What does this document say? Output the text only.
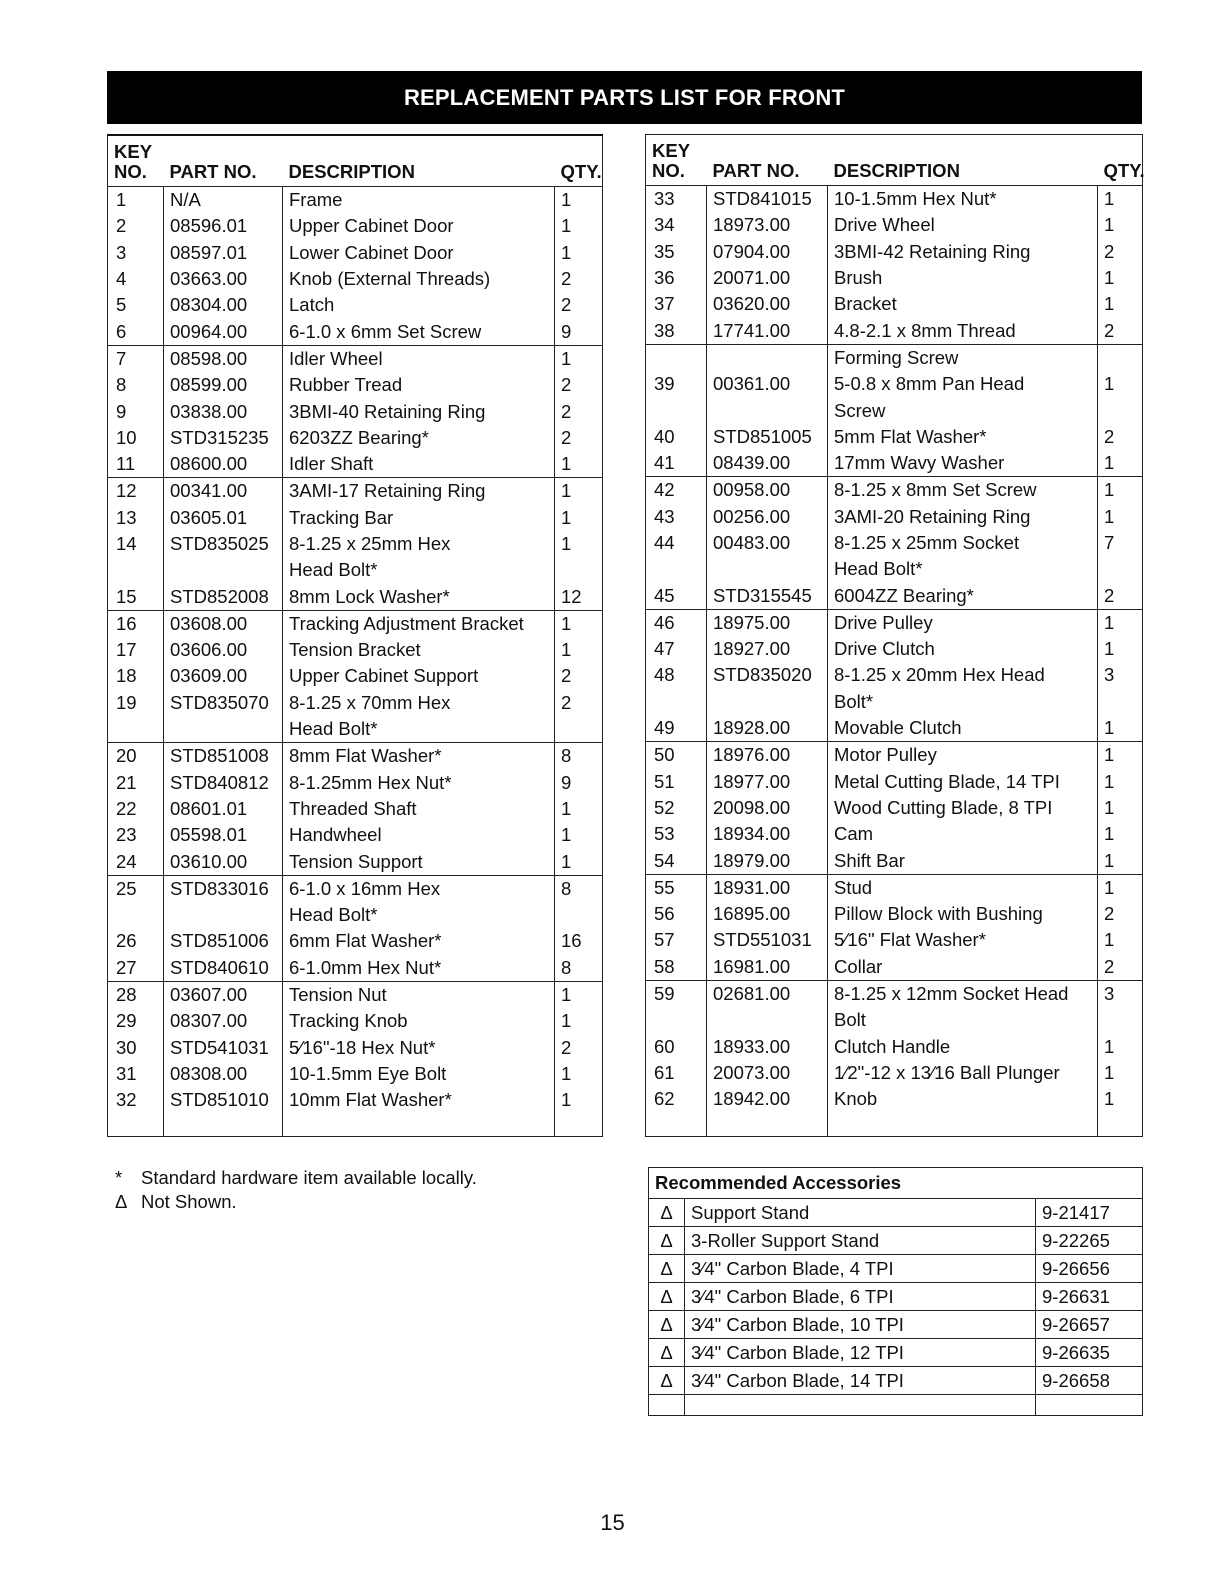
REPLACEMENT PARTS LIST FOR FRONT
KEY
NO.	PART NO.	DESCRIPTION	QTY.
1	N/A	Frame	1
2	08596.01	Upper Cabinet Door	1
3	08597.01	Lower Cabinet Door	1
4	03663.00	Knob (External Threads)	2
5	08304.00	Latch	2
6	00964.00	6-1.0 x 6mm Set Screw	9
7	08598.00	Idler Wheel	1
8	08599.00	Rubber Tread	2
9	03838.00	3BMI-40 Retaining Ring	2
10	STD315235	6203ZZ Bearing*	2
11	08600.00	Idler Shaft	1
12	00341.00	3AMI-17 Retaining Ring	1
13	03605.01	Tracking Bar	1
14	STD835025	8-1.25 x 25mm Hex	1
		Head Bolt*	
15	STD852008	8mm Lock Washer*	12
16	03608.00	Tracking Adjustment Bracket	1
17	03606.00	Tension Bracket	1
18	03609.00	Upper Cabinet Support	2
19	STD835070	8-1.25 x 70mm Hex	2
		Head Bolt*	
20	STD851008	8mm Flat Washer*	8
21	STD840812	8-1.25mm Hex Nut*	9
22	08601.01	Threaded Shaft	1
23	05598.01	Handwheel	1
24	03610.00	Tension Support	1
25	STD833016	6-1.0 x 16mm Hex	8
		Head Bolt*	
26	STD851006	6mm Flat Washer*	16
27	STD840610	6-1.0mm Hex Nut*	8
28	03607.00	Tension Nut	1
29	08307.00	Tracking Knob	1
30	STD541031	5⁄16"-18 Hex Nut*	2
31	08308.00	10-1.5mm Eye Bolt	1
32	STD851010	10mm Flat Washer*	1

KEY
NO.	PART NO.	DESCRIPTION	QTY.
33	STD841015	10-1.5mm Hex Nut*	1
34	18973.00	Drive Wheel	1
35	07904.00	3BMI-42 Retaining Ring	2
36	20071.00	Brush	1
37	03620.00	Bracket	1
38	17741.00	4.8-2.1 x 8mm Thread	2
		Forming Screw	
39	00361.00	5-0.8 x 8mm Pan Head	1
		Screw	
40	STD851005	5mm Flat Washer*	2
41	08439.00	17mm Wavy Washer	1
42	00958.00	8-1.25 x 8mm Set Screw	1
43	00256.00	3AMI-20 Retaining Ring	1
44	00483.00	8-1.25 x 25mm Socket	7
		Head Bolt*	
45	STD315545	6004ZZ Bearing*	2
46	18975.00	Drive Pulley	1
47	18927.00	Drive Clutch	1
48	STD835020	8-1.25 x 20mm Hex Head	3
		Bolt*	
49	18928.00	Movable Clutch	1
50	18976.00	Motor Pulley	1
51	18977.00	Metal Cutting Blade, 14 TPI	1
52	20098.00	Wood Cutting Blade, 8 TPI	1
53	18934.00	Cam	1
54	18979.00	Shift Bar	1
55	18931.00	Stud	1
56	16895.00	Pillow Block with Bushing	2
57	STD551031	5⁄16" Flat Washer*	1
58	16981.00	Collar	2
59	02681.00	8-1.25 x 12mm Socket Head	3
		Bolt	
60	18933.00	Clutch Handle	1
61	20073.00	1⁄2"-12 x 13⁄16 Ball Plunger	1
62	18942.00	Knob	1

* Standard hardware item available locally.
Δ Not Shown.
Recommended Accessories		
Δ	Support Stand	9-21417
Δ	3-Roller Support Stand	9-22265
Δ	3⁄4" Carbon Blade, 4 TPI	9-26656
Δ	3⁄4" Carbon Blade, 6 TPI	9-26631
Δ	3⁄4" Carbon Blade, 10 TPI	9-26657
Δ	3⁄4" Carbon Blade, 12 TPI	9-26635
Δ	3⁄4" Carbon Blade, 14 TPI	9-26658

15
